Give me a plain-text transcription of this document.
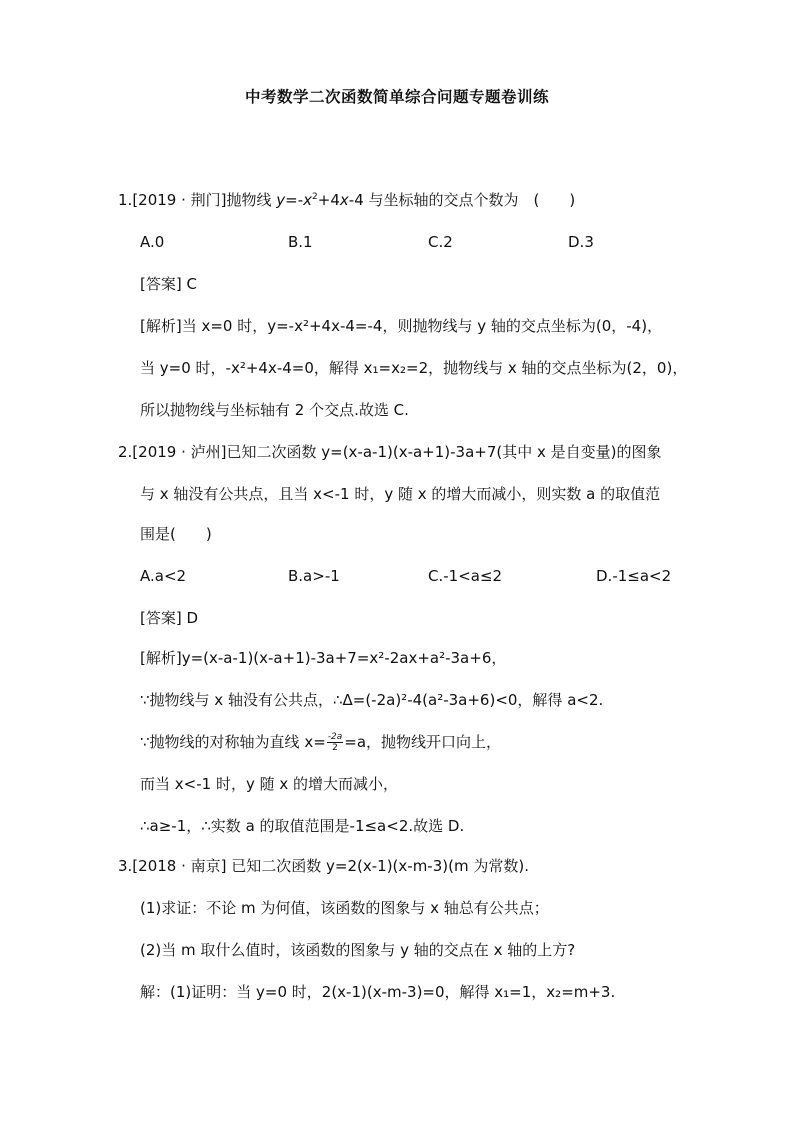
中考数学二次函数简单综合问题专题卷训练
1.[2019 · 荆门]抛物线 $y=-x^2+4x-4$ 与坐标轴的交点个数为　(　　)
A.0	B.1	C.2	D.3
[答案] C
[解析]当 x=0 时，y=-x²+4x-4=-4，则抛物线与 y 轴的交点坐标为(0，-4)，
当 y=0 时，-x²+4x-4=0，解得 x₁=x₂=2，抛物线与 x 轴的交点坐标为(2，0)，
所以抛物线与坐标轴有 2 个交点.故选 C.
2.[2019 · 泸州]已知二次函数 y=(x-a-1)(x-a+1)-3a+7(其中 x 是自变量)的图象
与 x 轴没有公共点，且当 x<-1 时，y 随 x 的增大而减小，则实数 a 的取值范
围是(　　)
A.a<2	B.a>-1	C.-1<a≤2	D.-1≤a<2
[答案] D
[解析]y=(x-a-1)(x-a+1)-3a+7=x²-2ax+a²-3a+6，
∵抛物线与 x 轴没有公共点，∴Δ=(-2a)²-4(a²-3a+6)<0，解得 a<2.
∵抛物线的对称轴为直线 $x= \frac{-2a}{2} =a$，抛物线开口向上，
而当 x<-1 时，y 随 x 的增大而减小，
∴a≥-1，∴实数 a 的取值范围是-1≤a<2.故选 D.
3.[2018 · 南京] 已知二次函数 y=2(x-1)(x-m-3)(m 为常数).
(1)求证：不论 m 为何值，该函数的图象与 x 轴总有公共点；
(2)当 m 取什么值时，该函数的图象与 y 轴的交点在 x 轴的上方?
解：(1)证明：当 y=0 时，2(x-1)(x-m-3)=0，解得 x₁=1，x₂=m+3.
